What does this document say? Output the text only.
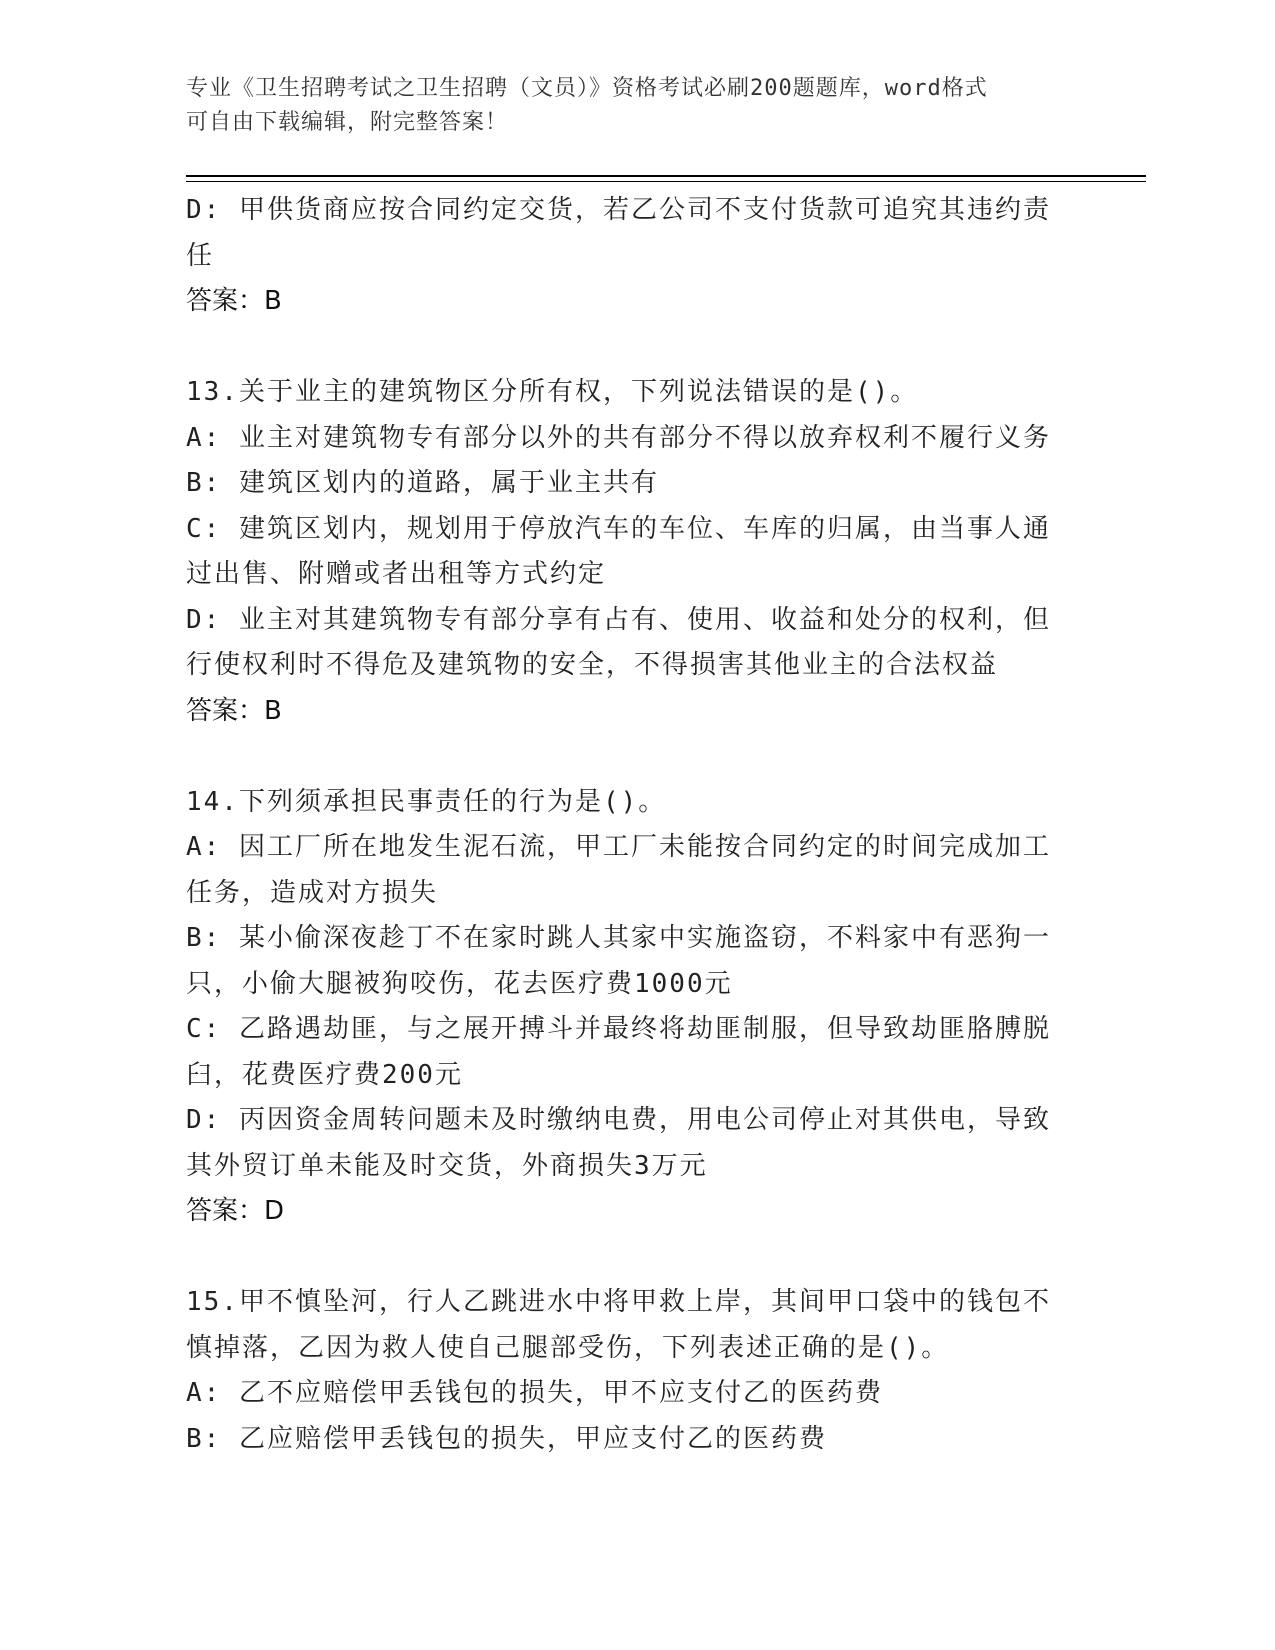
专业《卫生招聘考试之卫生招聘（文员）》资格考试必刷200题题库，word格式
可自由下载编辑，附完整答案！
D: 甲供货商应按合同约定交货，若乙公司不支付货款可追究其违约责
任
答案：B
13.关于业主的建筑物区分所有权，下列说法错误的是()。
A: 业主对建筑物专有部分以外的共有部分不得以放弃权利不履行义务
B: 建筑区划内的道路，属于业主共有
C: 建筑区划内，规划用于停放汽车的车位、车库的归属，由当事人通
过出售、附赠或者出租等方式约定
D: 业主对其建筑物专有部分享有占有、使用、收益和处分的权利，但
行使权利时不得危及建筑物的安全，不得损害其他业主的合法权益
答案：B
14.下列须承担民事责任的行为是()。
A: 因工厂所在地发生泥石流，甲工厂未能按合同约定的时间完成加工
任务，造成对方损失
B: 某小偷深夜趁丁不在家时跳人其家中实施盗窃，不料家中有恶狗一
只，小偷大腿被狗咬伤，花去医疗费1000元
C: 乙路遇劫匪，与之展开搏斗并最终将劫匪制服，但导致劫匪胳膊脱
臼，花费医疗费200元
D: 丙因资金周转问题未及时缴纳电费，用电公司停止对其供电，导致
其外贸订单未能及时交货，外商损失3万元
答案：D
15.甲不慎坠河，行人乙跳进水中将甲救上岸，其间甲口袋中的钱包不
慎掉落，乙因为救人使自己腿部受伤，下列表述正确的是()。
A: 乙不应赔偿甲丢钱包的损失，甲不应支付乙的医药费
B: 乙应赔偿甲丢钱包的损失，甲应支付乙的医药费
